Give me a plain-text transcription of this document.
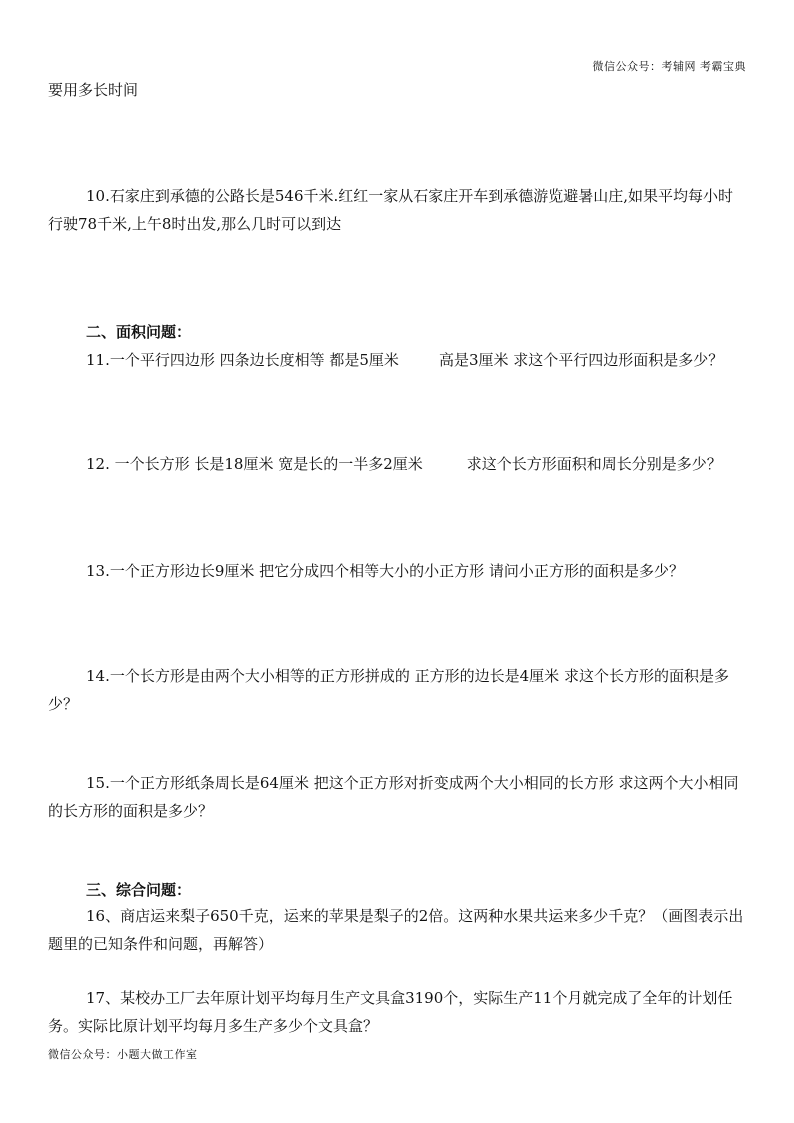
微信公众号：考辅网 考霸宝典

要用多长时间

10.石家庄到承德的公路长是546千米.红红一家从石家庄开车到承德游览避暑山庄,如果平均每小时行驶78千米,上午8时出发,那么几时可以到达

二、面积问题：

11.一个平行四边形 四条边长度相等 都是5厘米	高是3厘米 求这个平行四边形面积是多少？

12. 一个长方形 长是18厘米 宽是长的一半多2厘米	求这个长方形面积和周长分别是多少？

13.一个正方形边长9厘米 把它分成四个相等大小的小正方形 请问小正方形的面积是多少？

14.一个长方形是由两个大小相等的正方形拼成的 正方形的边长是4厘米 求这个长方形的面积是多少？

15.一个正方形纸条周长是64厘米 把这个正方形对折变成两个大小相同的长方形 求这两个大小相同的长方形的面积是多少？

三、综合问题：

16、商店运来梨子650千克，运来的苹果是梨子的2倍。这两种水果共运来多少千克？（画图表示出题里的已知条件和问题，再解答）

17、某校办工厂去年原计划平均每月生产文具盒3190个，实际生产11个月就完成了全年的计划任务。实际比原计划平均每月多生产多少个文具盒？

微信公众号：小题大做工作室
